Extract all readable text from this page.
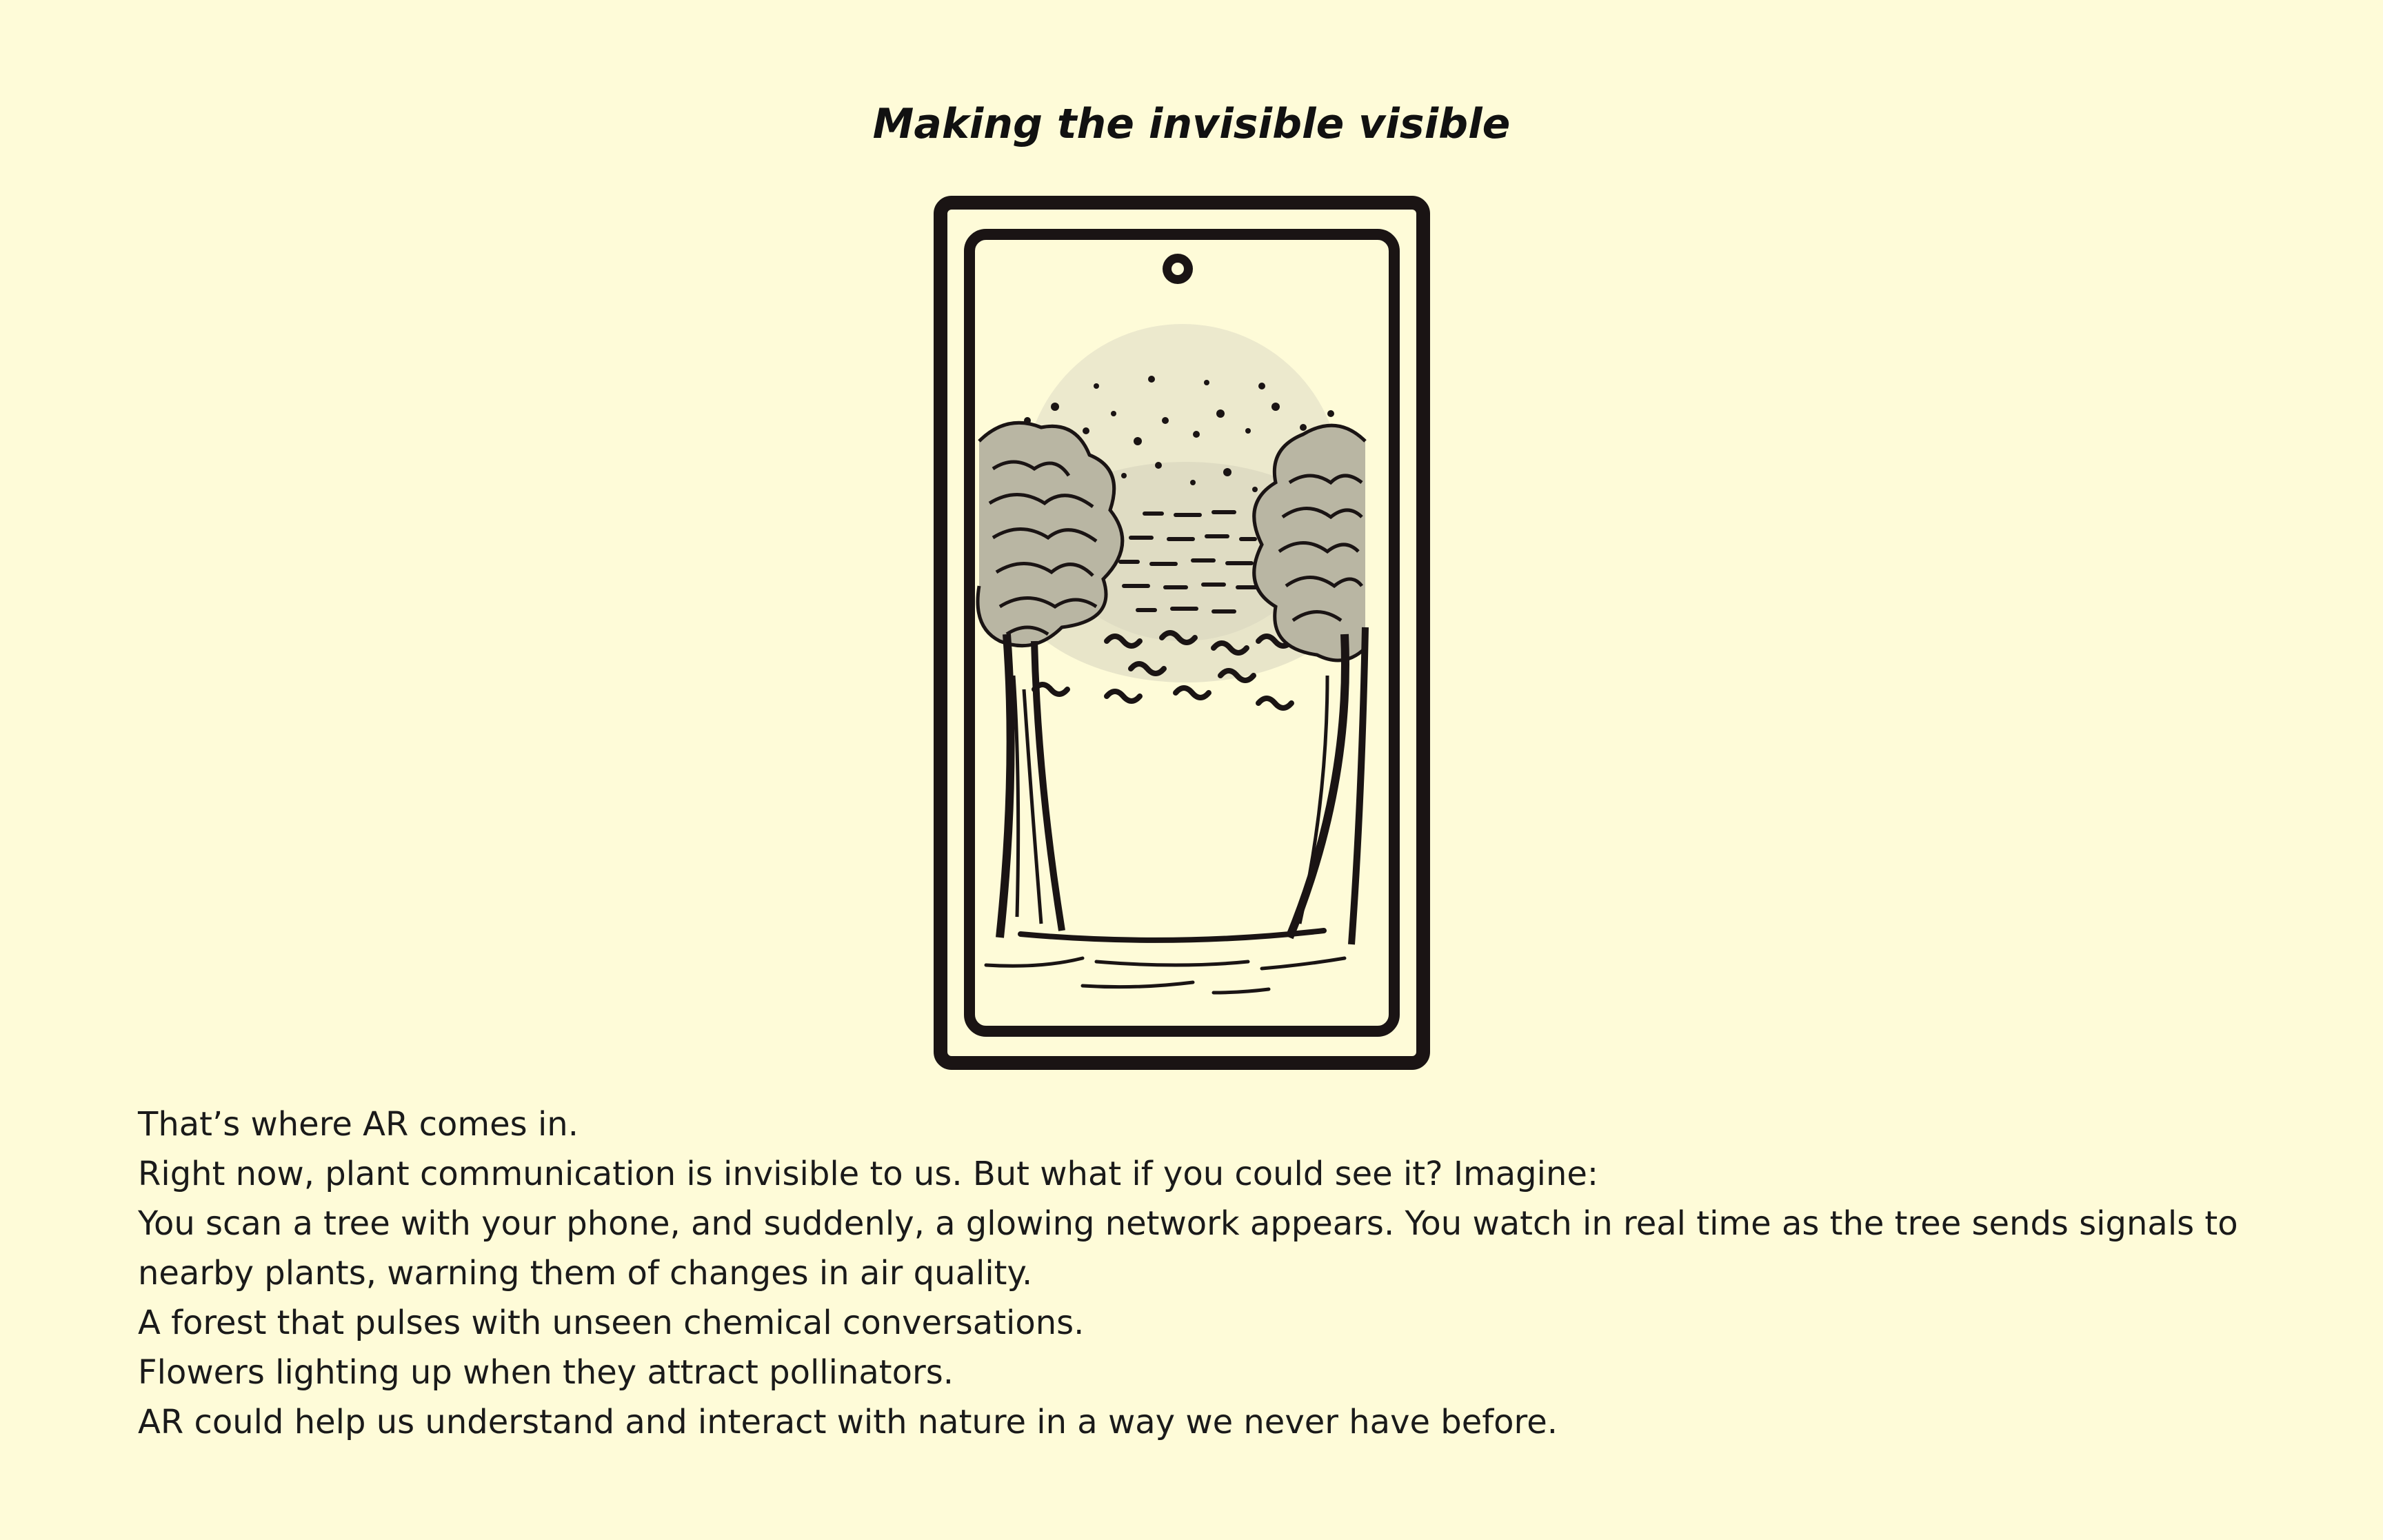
Making the invisible visible

That’s where AR comes in.

Right now, plant communication is invisible to us. But what if you could see it? Imagine:

You scan a tree with your phone, and suddenly, a glowing network appears. You watch in real time as the tree sends signals to nearby plants, warning them of changes in air quality.

A forest that pulses with unseen chemical conversations.

Flowers lighting up when they attract pollinators.

AR could help us understand and interact with nature in a way we never have before.
